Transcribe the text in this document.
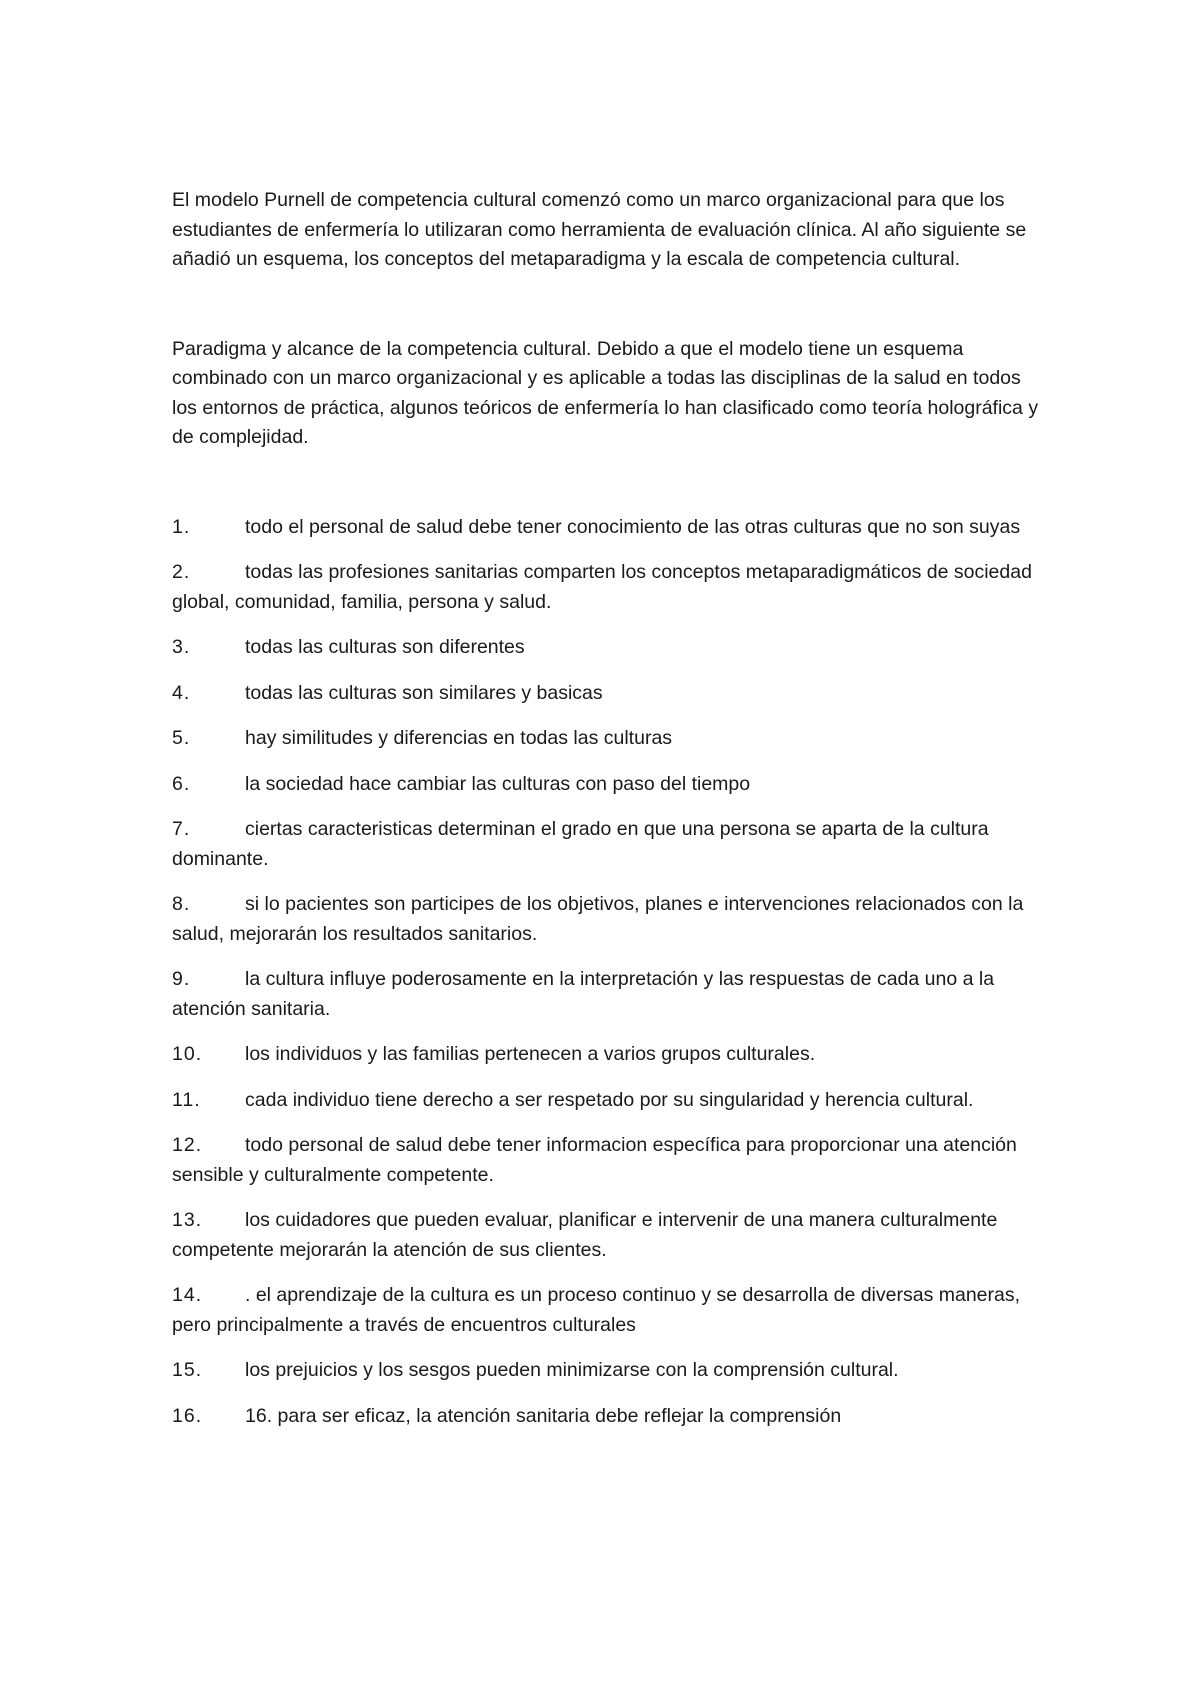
El modelo Purnell de competencia cultural comenzó como un marco organizacional para que los estudiantes de enfermería lo utilizaran como herramienta de evaluación clínica. Al año siguiente se añadió un esquema, los conceptos del metaparadigma y la escala de competencia cultural.

Paradigma y alcance de la competencia cultural. Debido a que el modelo tiene un esquema combinado con un marco organizacional y es aplicable a todas las disciplinas de la salud en todos los entornos de práctica, algunos teóricos de enfermería lo han clasificado como teoría holográfica y de complejidad.

1.	todo el personal de salud debe tener conocimiento de las otras culturas que no son suyas
2.	todas las profesiones sanitarias comparten los conceptos metaparadigmáticos de sociedad global, comunidad, familia, persona y salud.
3.	todas las culturas son diferentes
4.	todas las culturas son similares y basicas
5.	hay similitudes y diferencias en todas las culturas
6.	la sociedad hace cambiar las culturas con paso del tiempo
7.	ciertas caracteristicas determinan el grado en que una persona se aparta de la cultura dominante.
8.	si lo pacientes son participes de los objetivos, planes e intervenciones relacionados con la salud, mejorarán los resultados sanitarios.
9.	la cultura influye poderosamente en la interpretación y las respuestas de cada uno a la atención sanitaria.
10. los individuos y las familias pertenecen a varios grupos culturales.
11. cada individuo tiene derecho a ser respetado por su singularidad y herencia cultural.
12. todo personal de salud debe tener informacion específica para proporcionar una atención sensible y culturalmente competente.
13. los cuidadores que pueden evaluar, planificar e intervenir de una manera culturalmente competente mejorarán la atención de sus clientes.
14. . el aprendizaje de la cultura es un proceso continuo y se desarrolla de diversas maneras, pero principalmente a través de encuentros culturales
15. los prejuicios y los sesgos pueden minimizarse con la comprensión cultural.
16. 16. para ser eficaz, la atención sanitaria debe reflejar la comprensión
